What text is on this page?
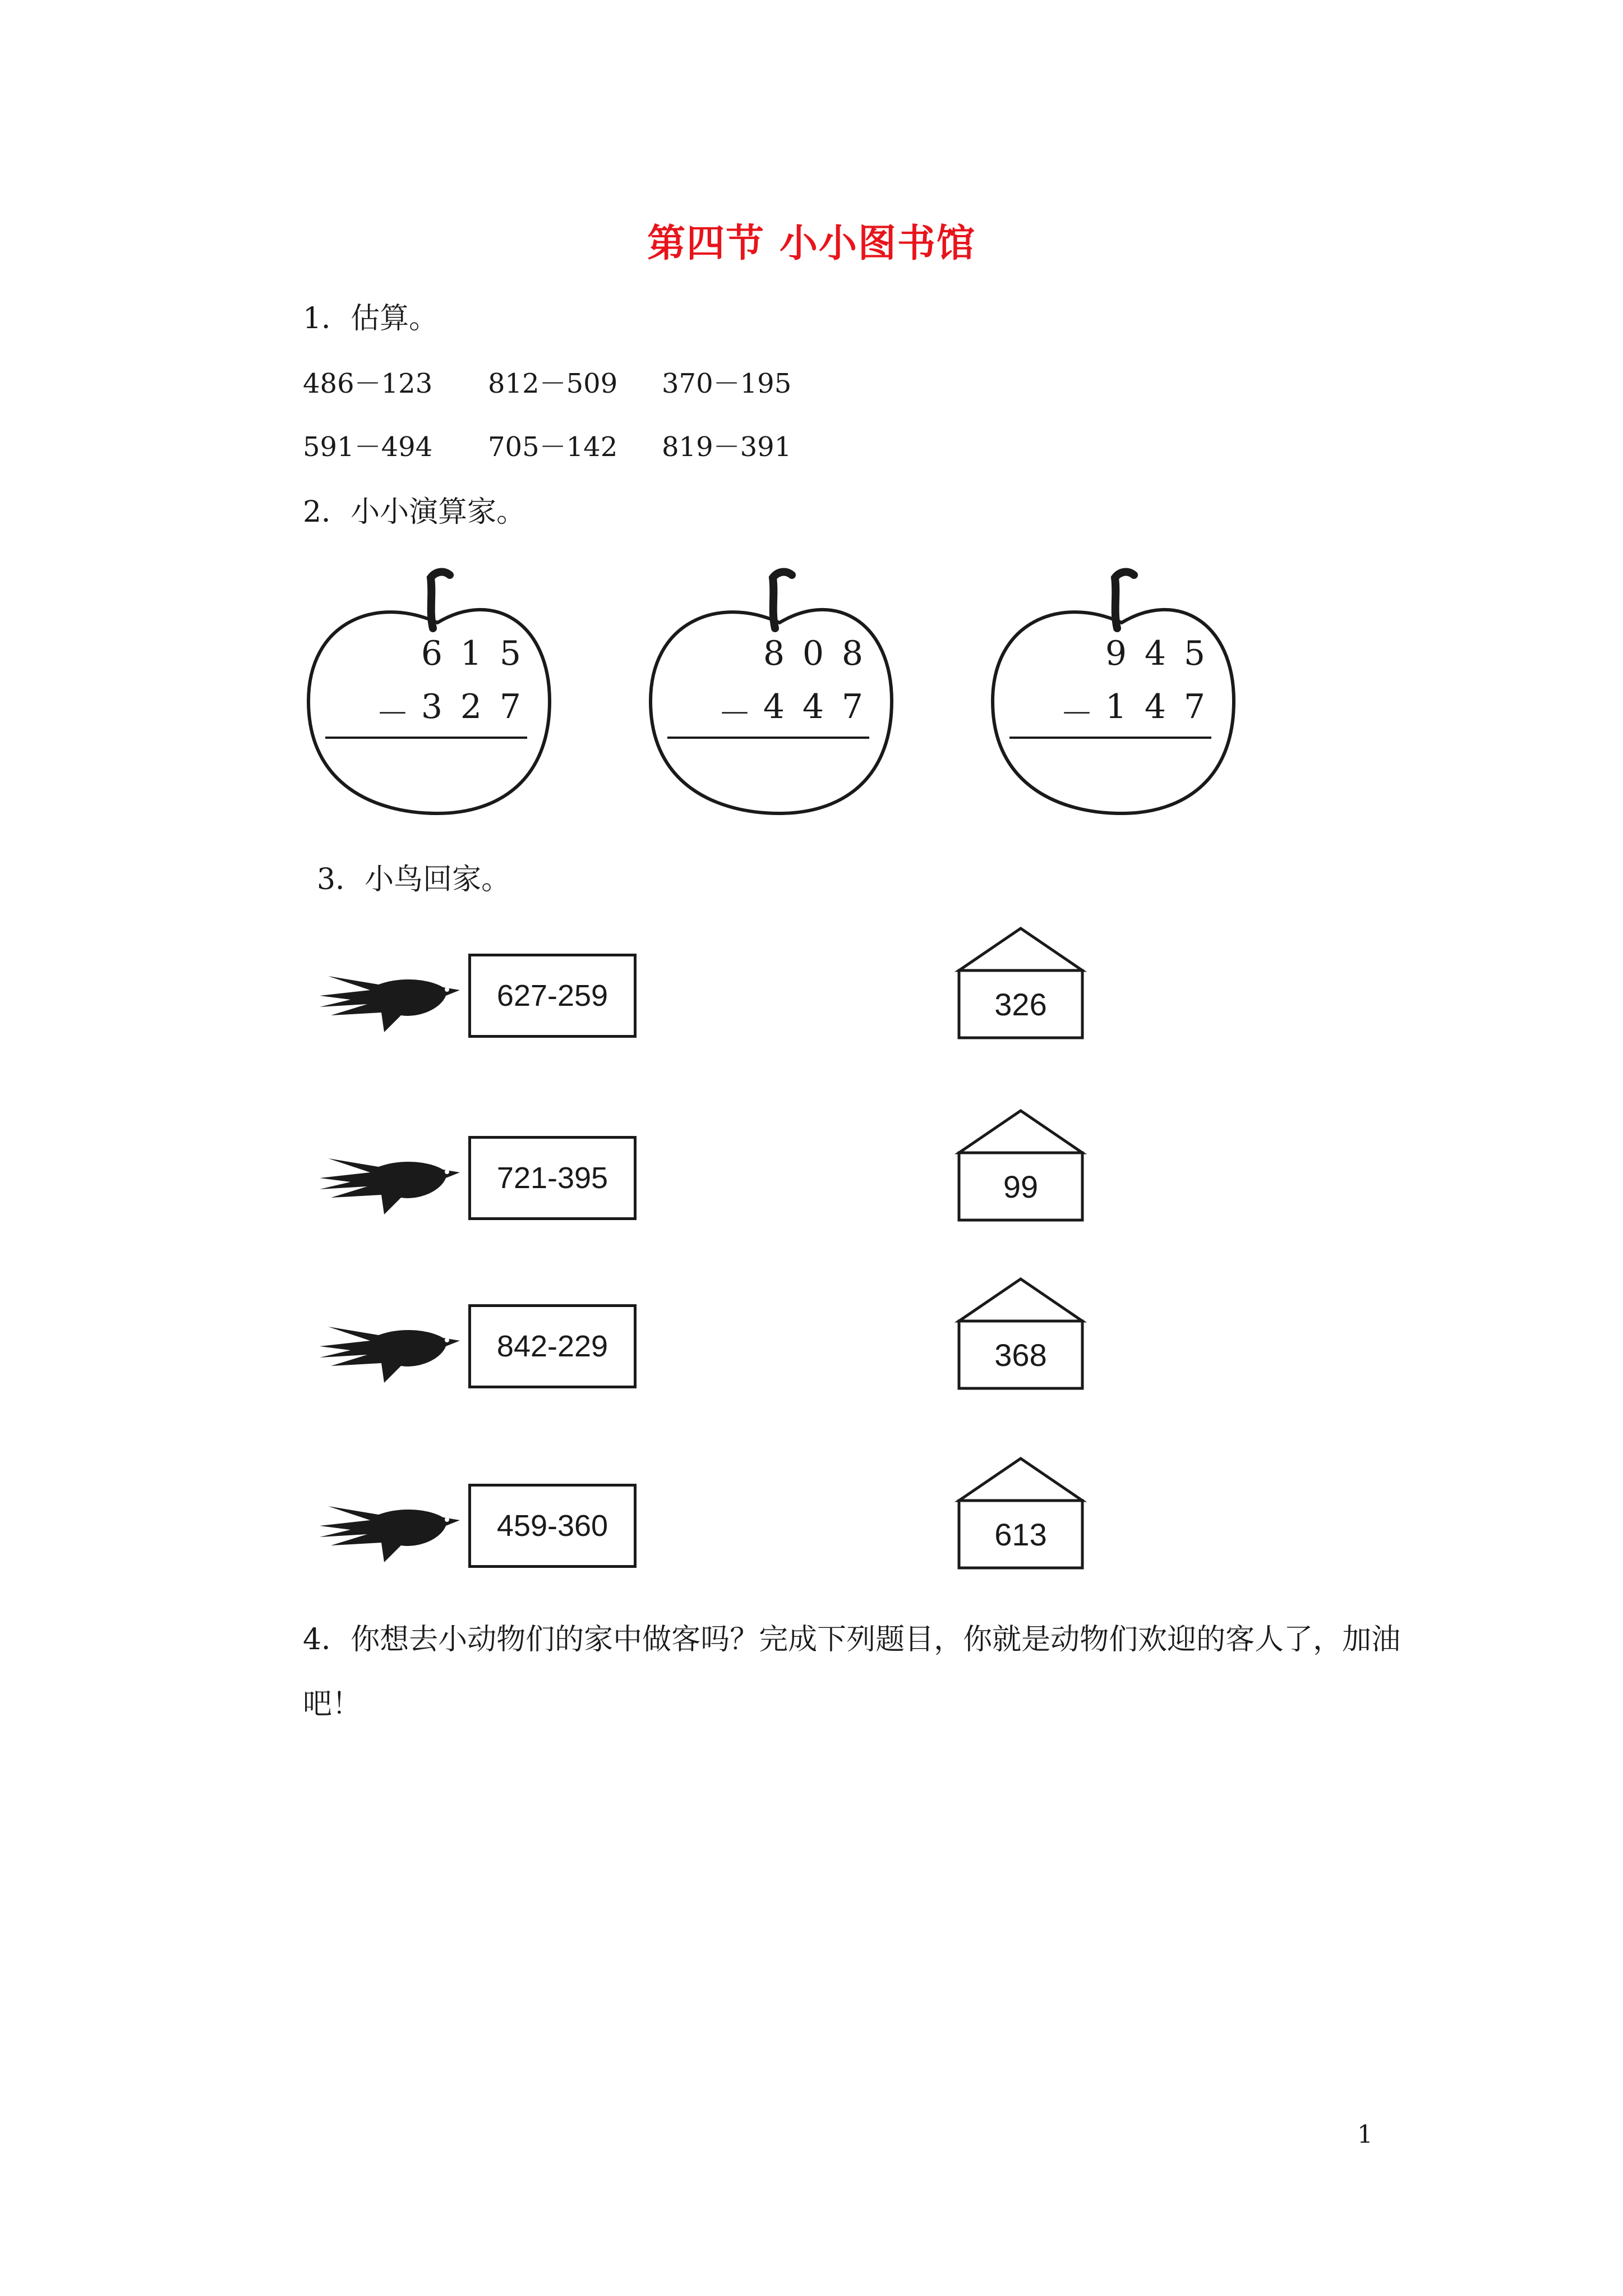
第四节 小小图书馆
1．估算。
486－123 812－509 370－195
591－494 705－142 819－391
2．小小演算家。
6 1 5
－ 3 2 7
8 0 8
－ 4 4 7
9 4 5
－ 1 4 7
3．小鸟回家。
627-259
721-395
842-229
459-360
326
99
368
613
4．你想去小动物们的家中做客吗？完成下列题目，你就是动物们欢迎的客人了，加油
吧！
1
